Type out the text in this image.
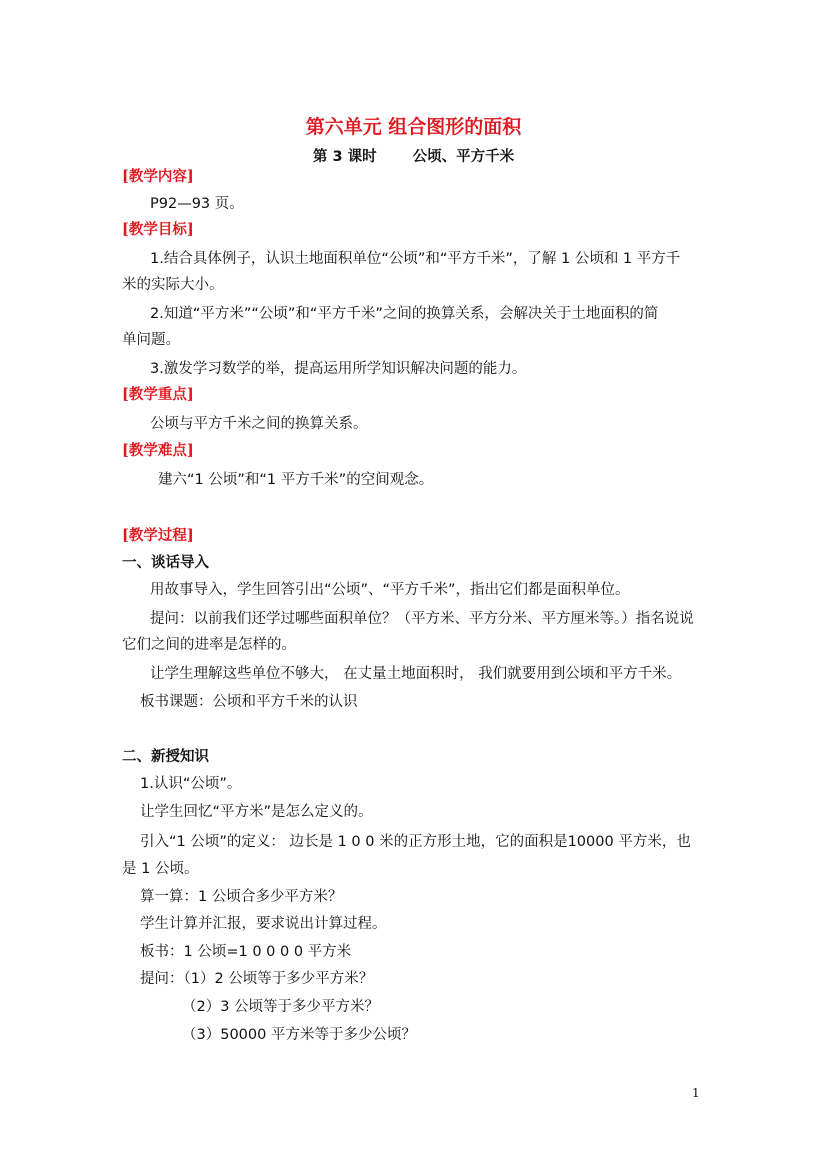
第六单元 组合图形的面积
第 3 课时 公顷、平方千米
[教学内容]
P92—93 页。
[教学目标]
1.结合具体例子，认识土地面积单位“公顷”和“平方千米”，了解 1 公顷和 1 平方千
米的实际大小。
2.知道“平方米”“公顷”和“平方千米”之间的换算关系，会解决关于土地面积的简
单问题。
3.激发学习数学的举，提高运用所学知识解决问题的能力。
[教学重点]
公顷与平方千米之间的换算关系。
[教学难点]
建六“1 公顷”和“1 平方千米”的空间观念。
[教学过程]
一、谈话导入
用故事导入，学生回答引出“公顷”、“平方千米”，指出它们都是面积单位。
提问：以前我们还学过哪些面积单位？（平方米、平方分米、平方厘米等。）指名说说
它们之间的进率是怎样的。
让学生理解这些单位不够大， 在丈量土地面积时， 我们就要用到公顷和平方千米。
板书课题：公顷和平方千米的认识
二、新授知识
1.认识“公顷”。
让学生回忆“平方米”是怎么定义的。
引入“1 公顷”的定义： 边长是 1 0 0 米的正方形土地，它的面积是10000 平方米，也
是 1 公顷。
算一算：1 公顷合多少平方米？
学生计算并汇报，要求说出计算过程。
板书：1 公顷=1 0 0 0 0 平方米
提问：（1）2 公顷等于多少平方米？
（2）3 公顷等于多少平方米？
（3）50000 平方米等于多少公顷？
1
